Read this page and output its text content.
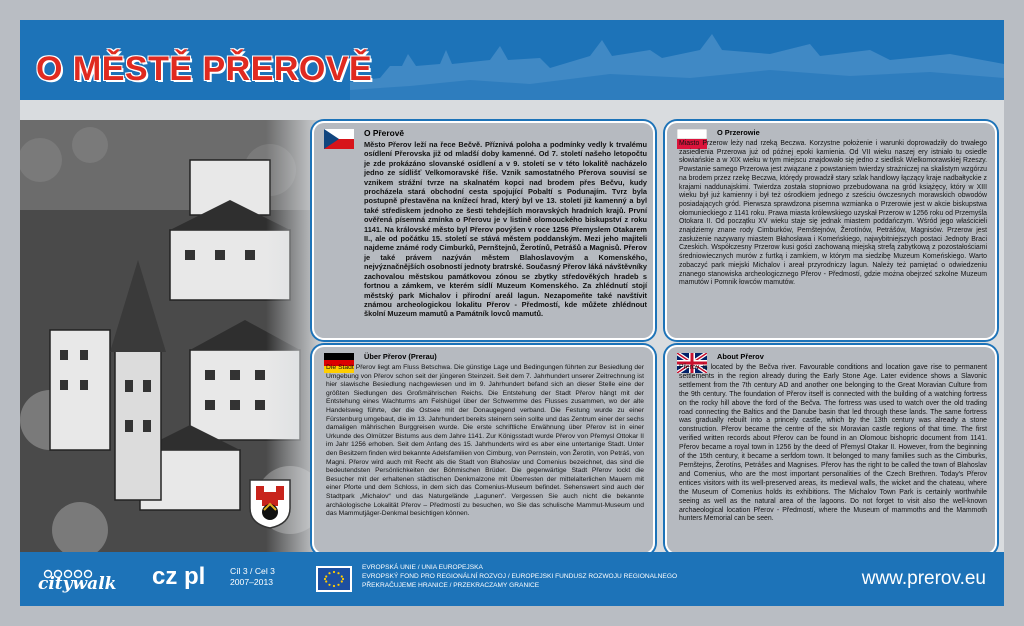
O MĚSTĚ PŘEROVĚ
O Přerově

Město Přerov leží na řece Bečvě. Příznivá poloha a podmínky vedly k trvalému osídlení Přerovska již od mladší doby kamenné. Od 7. století našeho letopočtu je zde prokázáno slovanské osídlení a v 9. století se v této lokalitě nacházelo jedno ze sídlišť Velkomoravské říše. Vznik samostatného Přerova souvisí se vznikem strážní tvrze na skalnatém kopci nad brodem přes Bečvu, kudy procházela stará obchodní cesta spojující Pobaltí s Podunajím. Tvrz byla postupně přestavěna na knížecí hrad, který byl ve 13. století již kamenný a byl také střediskem jednoho ze šesti tehdejších moravských hradních krajů. První ověřená písemná zmínka o Přerovu je v listině olomouckého biskupství z roku 1141. Na královské město byl Přerov povýšen v roce 1256 Přemyslem Otakarem II., ale od počátku 15. století se stává městem poddanským. Mezi jeho majiteli najdeme známé rody Cimburků, Pernštejnů, Žerotínů, Petrášů a Magnisů. Přerov je také právem nazýván městem Blahoslavovým a Komenského, nejvýznačnějších osobností jednoty bratrské. Současný Přerov láká návštěvníky zachovalou městskou památkovou zónou se zbytky středověkých hradeb s fortnou a zámkem, ve kterém sídlí Muzeum Komenského. Za zhlédnutí stojí městský park Michalov i přírodní areál lagun. Nezapomeňte také navštívit známou archeologickou lokalitu Přerov - Předmostí, kde můžete zhlédnout školní Muzeum mamutů a Památník lovců mamutů.

O Przerowie

Miasto Przerow leży nad rzeką Beczwa. Korzystne położenie i warunki doprowadziły do trwałego zasiedlenia Przerowa już od późnej epoki kamienia. Od VII wieku naszej ery istniało tu osiedle słowiańskie a w XIX wieku w tym miejscu znajdowało się jedno z siedlisk Wielkomorawskiej Rzeszy. Powstanie samego Przerowa jest związane z powstaniem twierdzy strażniczej na skalistym wzgórzu na brodem przez rzekę Beczwa, którędy prowadził stary szlak handlowy łączący kraje nadbałtyckie z krajami naddunajskimi. Twierdza została stopniowo przebudowana na gród książęcy, który w XIII wieku był już kamienny i był też ośrodkiem jednego z sześciu ówczesnych morawskich obwodów posiadających gród. Pierwsza sprawdzona pisemna wzmianka o Przerowie jest w akcie biskupstwa ołomunieckiego z 1141 roku. Prawa miasta królewskiego uzyskał Przerow w 1256 roku od Przemyśla Otokara II. Od początku XV wieku staje się jednak miastem poddańczym. Wśród jego właścicieli znajdziemy znane rody Cimburków, Pernštejnów, Žerotínów, Petrášów, Magnisów. Przerow jest zasłużenie nazywany miastem Błahosława i Komeńskiego, najwybitniejszych postaci Jednoty Braci Czeskich. Współczesny Przerow kusi gości zachowaną miejską strefą zabytkową z pozostałościami średniowiecznych murów z furtką i zamkiem, w którym ma siedzibę Muzeum Komeńskiego. Warto zobaczyć park miejski Michalov i areał przyrodniczy lagun. Należy też pamiętać o odwiedzeniu znanego stanowiska archeologicznego Přerov - Předmostí, gdzie można obejrzeć szkolne Muzeum mamutów i Pomnik łowców mamutów.

Über Přerov (Prerau)

Die Stadt Přerov liegt am Fluss Betschwa. Die günstige Lage und Bedingungen führten zur Besiedlung der Umgebung von Přerov schon seit der jüngeren Steinzeit. Seit dem 7. Jahrhundert unserer Zeitrechnung ist hier slawische Besiedlung nachgewiesen und im 9. Jahrhundert befand sich an dieser Stelle eine der größten Siedlungen des Großmährischen Reichs. Die Entstehung der Stadt Přerov hängt mit der Entstehung eines Wachturms am Felshügel über der Schwemme des Flusses zusammen, wo der alte Handelsweg führte, der die Ostsee mit der Donaugegend verband. Die Festung wurde zu einer Fürstenburg umgebaut, die im 13. Jahrhundert bereits steinern sein sollte und das Zentrum einer der sechs damaligen mährischen Burggreisen wurde. Die erste schriftliche Erwähnung über Přerov ist in einer Urkunde des Olmützer Bistums aus dem Jahre 1141. Zur Königsstadt wurde Přerov von Přemysl Ottokar II im Jahr 1256 erhoben. Seit dem Anfang des 15. Jahrhunderts wird es aber eine untertanige Stadt. Unter den Besitzern finden wird bekannte Adelsfamilien von Cimburg, von Pernstein, von Žerotín, von Petráš, von Magni. Přerov wird auch mit Recht als die Stadt von Blahoslav und Comenius bezeichnet, das sind die bedeutendsten Persönlichkeiten der Böhmischen Brüder. Die gegenwärtige Stadt Přerov lockt die Besucher mit der erhaltenen städtischen Denkmalzone mit Überresten der mittelalterlichen Mauern mit einer Pforte und dem Schloss, in dem sich das Comenius-Museum befindet. Sehenswert sind auch der Stadtpark „Michalov“ und das Naturgelände „Lagunen“. Vergessen Sie auch nicht die bekannte archäologische Lokalität Přerov – Předmostí zu besuchen, wo Sie das schulische Mammut-Museum und das Mammutjäger-Denkmal besichtigen können.

About Přerov

Přerov is located by the Bečva river. Favourable conditions and location gave rise to permanent settlements in the region already during the Early Stone Age. Later evidence shows a Slavonic settlement from the 7th century AD and another one belonging to the Great Moravian Culture from the 9th century. The foundation of Přerov itself is connected with the building of a watching fortress on the rocky hill above the ford of the Bečva. The fortress was used to watch over the old trading road connecting the Baltics and the Danube basin that led through these lands. The same fortress was gradually rebuilt into a princely castle, which by the 13th century was already a stone construction. Přerov became the centre of the six Moravian castle regions of that time. The first verified written records about Přerov can be found in an Olomouc bishopric document from 1141. Přerov became a royal town in 1256 by the deed of Přemysl Otakar II. However, from the beginning of the 15th century, it became a serfdom town. It belonged to many families such as the Cimburks, Pernštejns, Žerotíns, Petrášes and Magnises. Přerov has the right to be called the town of Blahoslav and Comenius, who are the most important personalities of the Czech Brethren. Today's Přerov entices visitors with its well-preserved areas, its medieval walls, the wicket and the chateau, where the Museum of Comenius holds its exhibitions. The Michalov Town Park is certainly worthwhile seeing as well as the natural area of the lagoons. Do not forget to visit also the well-known archaeological location Přerov - Předmostí, where the Museum of mammoths and the Mammoth hunters Memorial can be seen.

citywalk cz pl	Cíl 3 / Cel 3
2007–2013
EVROPSKÁ UNIE / UNIA EUROPEJSKA
EVROPSKÝ FOND PRO REGIONÁLNÍ ROZVOJ / EUROPEJSKI FUNDUSZ ROZWOJU REGIONALNEGO
PŘEKRAČUJEME HRANICE / PRZEKRACZAMY GRANICE	www.prerov.eu
